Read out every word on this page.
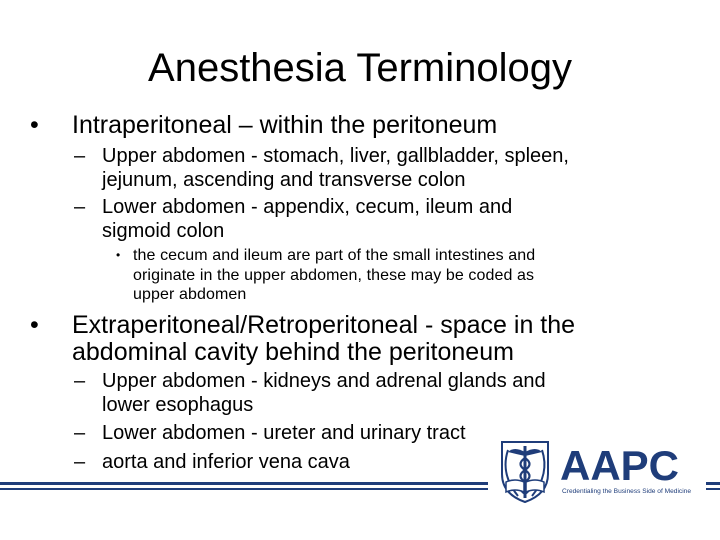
Anesthesia Terminology
• Intraperitoneal – within the peritoneum
– Upper abdomen - stomach, liver, gallbladder, spleen,
jejunum, ascending and transverse colon
– Lower abdomen - appendix, cecum, ileum and
sigmoid colon
• the cecum and ileum are part of the small intestines and
originate in the upper abdomen, these may be coded as
upper abdomen
• Extraperitoneal/Retroperitoneal - space in the
abdominal cavity behind the peritoneum
– Upper abdomen - kidneys and adrenal glands and
lower esophagus
– Lower abdomen - ureter and urinary tract
– aorta and inferior vena cava	AAPC
Credentialing the Business Side of Medicine
